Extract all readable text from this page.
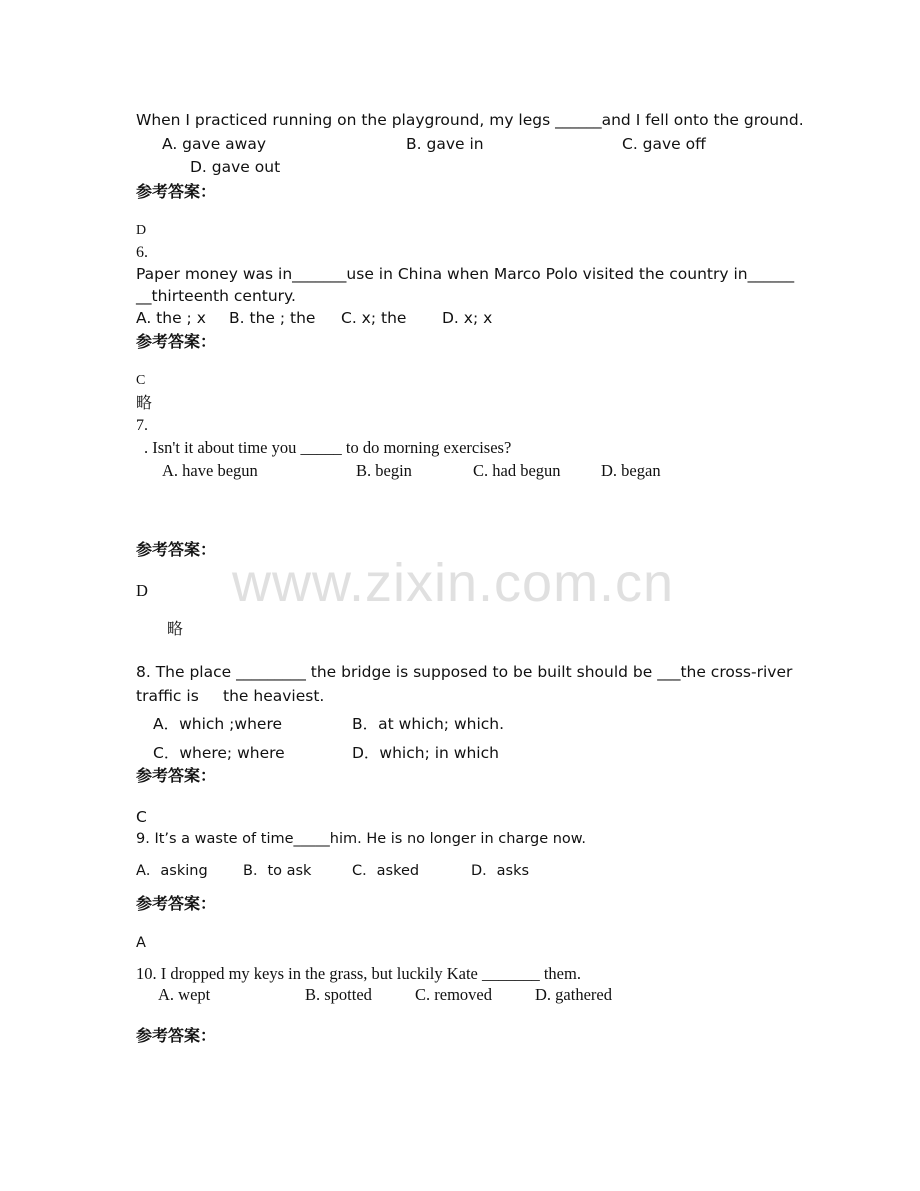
www.zixin.com.cn
When I practiced running on the playground, my legs ______and I fell onto the ground.
A. gave away	B. gave in	C. gave off
D. gave out
参考答案：
D
6.
Paper money was in_______use in China when Marco Polo visited the country in______
__thirteenth century.
A. the ; x B. the ; the C. x; the D. x; x
参考答案：
C
略
7.
. Isn't it about time you _____ to do morning exercises?
A. have begun	B. begin	C. had begun D. began
参考答案：
D
略
8. The place _________ the bridge is supposed to be built should be ___the cross-river
traffic is the heaviest.
A．which ;where	B．at which; which.
C．where; where	D．which; in which
参考答案：
C
9. It’s a waste of time_____him. He is no longer in charge now.
A．asking B．to ask	C．asked	D．asks
参考答案：
A
10. I dropped my keys in the grass, but luckily Kate _______ them.
A. wept	B. spotted	C. removed	D. gathered
参考答案：
